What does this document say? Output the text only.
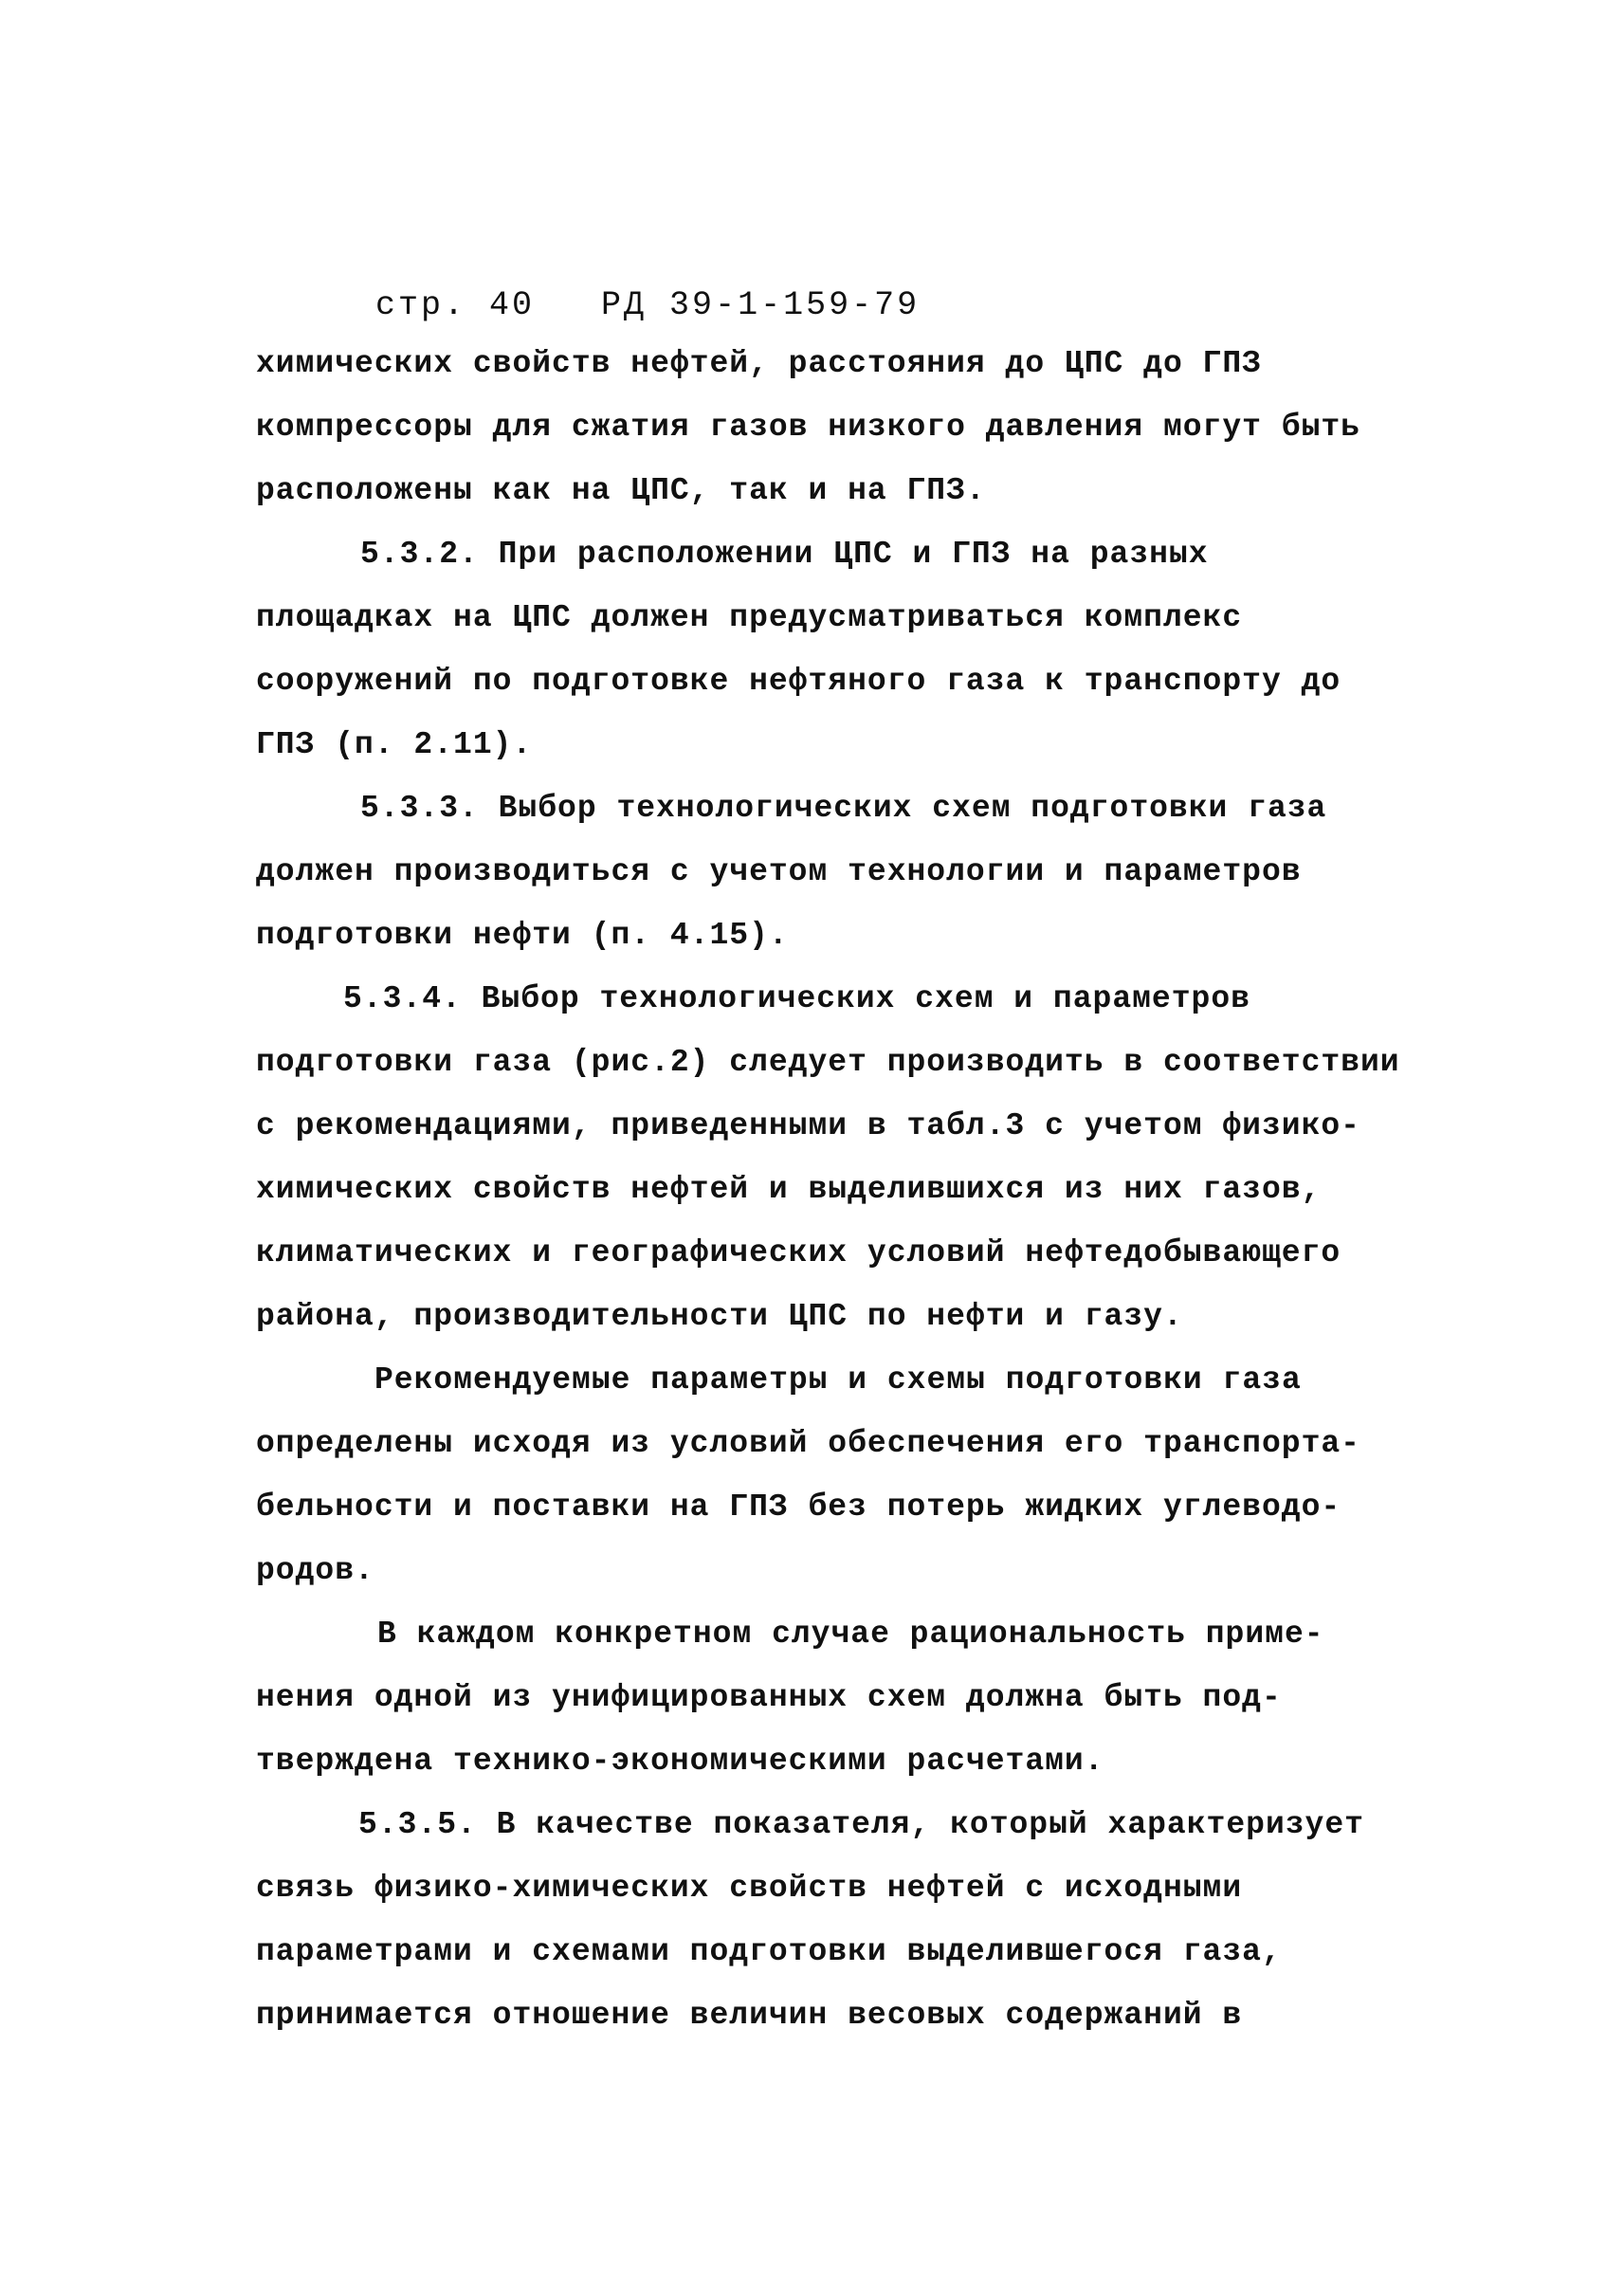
стр. 40 РД 39-1-159-79

химических свойств нефтей, расстояния до ЦПС до ГПЗ
компрессоры для сжатия газов низкого давления могут быть
расположены как на ЦПС, так и на ГПЗ.
5.3.2. При расположении ЦПС и ГПЗ на разных
площадках на ЦПС должен предусматриваться комплекс
сооружений по подготовке нефтяного газа к транспорту до
ГПЗ (п. 2.11).
5.3.3. Выбор технологических схем подготовки газа
должен производиться с учетом технологии и параметров
подготовки нефти (п. 4.15).
5.3.4. Выбор технологических схем и параметров
подготовки газа (рис.2) следует производить в соответствии
с рекомендациями, приведенными в табл.3 с учетом физико-
химических свойств нефтей и выделившихся из них газов,
климатических и географических условий нефтедобывающего
района, производительности ЦПС по нефти и газу.
Рекомендуемые параметры и схемы подготовки газа
определены исходя из условий обеспечения его транспорта-
бельности и поставки на ГПЗ без потерь жидких углеводо-
родов.
В каждом конкретном случае рациональность приме-
нения одной из унифицированных схем должна быть под-
тверждена технико-экономическими расчетами.
5.3.5. В качестве показателя, который характеризует
связь физико-химических свойств нефтей с исходными
параметрами и схемами подготовки выделившегося газа,
принимается отношение величин весовых содержаний в
